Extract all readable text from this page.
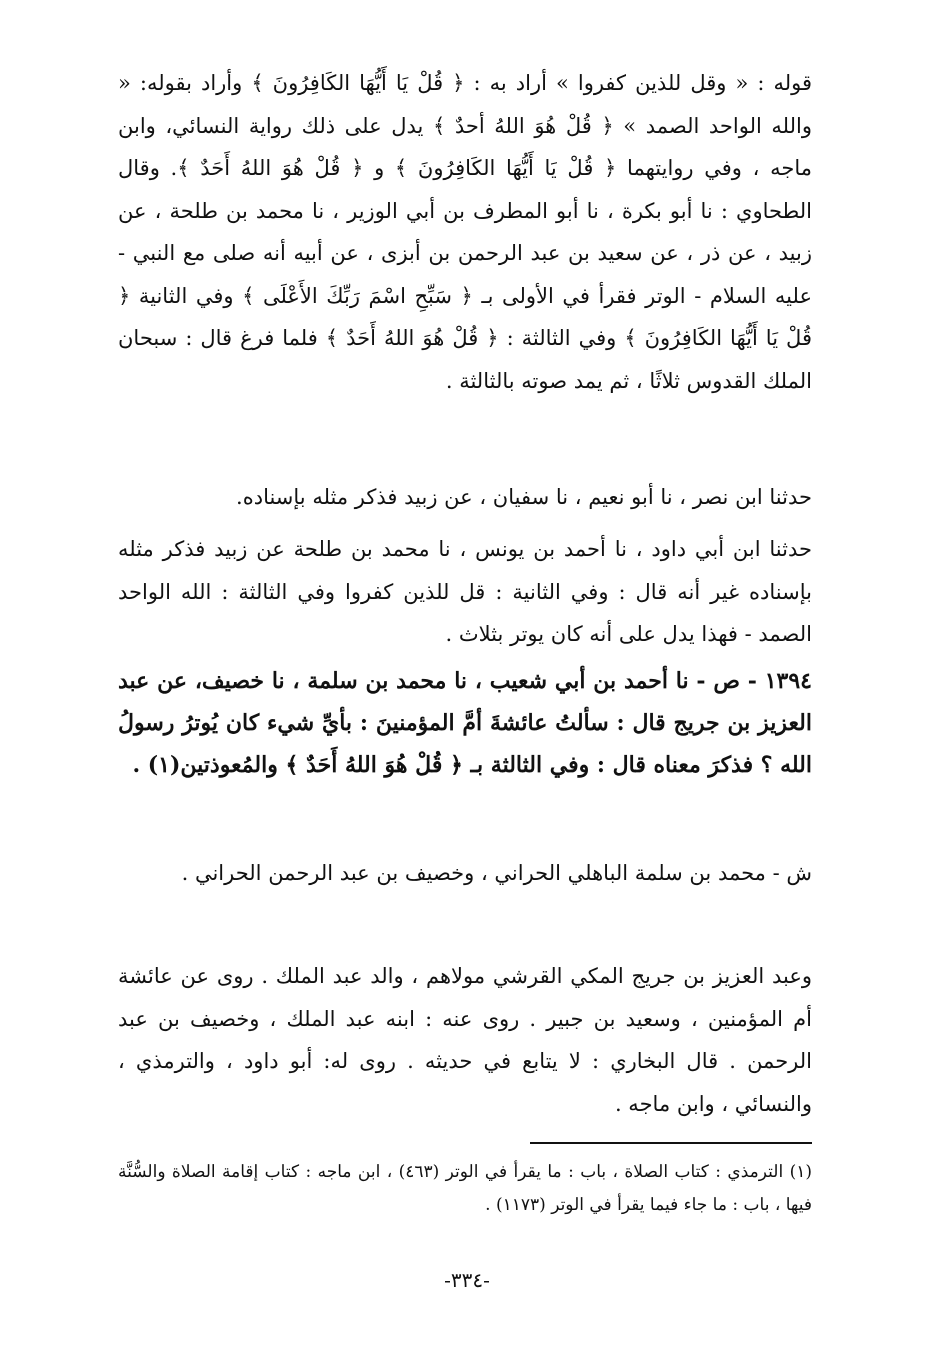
قوله : « وقل للذين كفروا » أراد به : ﴿ قُلْ يَا أَيُّهَا الكَافِرُونَ ﴾ وأراد بقوله: « والله الواحد الصمد » ﴿ قُلْ هُوَ اللهُ أحدٌ ﴾ يدل على ذلك رواية النسائي، وابن ماجه ، وفي روايتهما ﴿ قُلْ يَا أَيُّهَا الكَافِرُونَ ﴾ و ﴿ قُلْ هُوَ اللهُ أَحَدٌ ﴾. وقال الطحاوي : نا أبو بكرة ، نا أبو المطرف بن أبي الوزير ، نا محمد بن طلحة ، عن زبيد ، عن ذر ، عن سعيد بن عبد الرحمن بن أبزى ، عن أبيه أنه صلى مع النبي - عليه السلام - الوتر فقرأ في الأولى بـ ﴿ سَبِّحِ اسْمَ رَبِّكَ الأَعْلَى ﴾ وفي الثانية ﴿ قُلْ يَا أَيُّهَا الكَافِرُونَ ﴾ وفي الثالثة : ﴿ قُلْ هُوَ اللهُ أَحَدٌ ﴾ فلما فرغ قال : سبحان الملك القدوس ثلاثًا ، ثم يمد صوته بالثالثة .

حدثنا ابن نصر ، نا أبو نعيم ، نا سفيان ، عن زبيد فذكر مثله بإسناده.

حدثنا ابن أبي داود ، نا أحمد بن يونس ، نا محمد بن طلحة عن زبيد فذكر مثله بإسناده غير أنه قال : وفي الثانية : قل للذين كفروا وفي الثالثة : الله الواحد الصمد - فهذا يدل على أنه كان يوتر بثلاث .

١٣٩٤ - ص - نا أحمد بن أبي شعيب ، نا محمد بن سلمة ، نا خصيف، عن عبد العزيز بن جريج قال : سألتُ عائشةَ أمَّ المؤمنينَ : بأيِّ شيء كان يُوترُ رسولُ الله ؟ فذكرَ معناه قال : وفي الثالثة بـ ﴿ قُلْ هُوَ اللهُ أَحَدٌ ﴾ والمُعوذتين(١) .

ش - محمد بن سلمة الباهلي الحراني ، وخصيف بن عبد الرحمن الحراني .

وعبد العزيز بن جريج المكي القرشي مولاهم ، والد عبد الملك . روى عن عائشة أم المؤمنين ، وسعيد بن جبير . روى عنه : ابنه عبد الملك ، وخصيف بن عبد الرحمن . قال البخاري : لا يتابع في حديثه . روى له: أبو داود ، والترمذي ، والنسائي ، وابن ماجه .

(١) الترمذي : كتاب الصلاة ، باب : ما يقرأ في الوتر (٤٦٣) ، ابن ماجه : كتاب إقامة الصلاة والسُّنَّة فيها ، باب : ما جاء فيما يقرأ في الوتر (١١٧٣) .

-٣٣٤-
